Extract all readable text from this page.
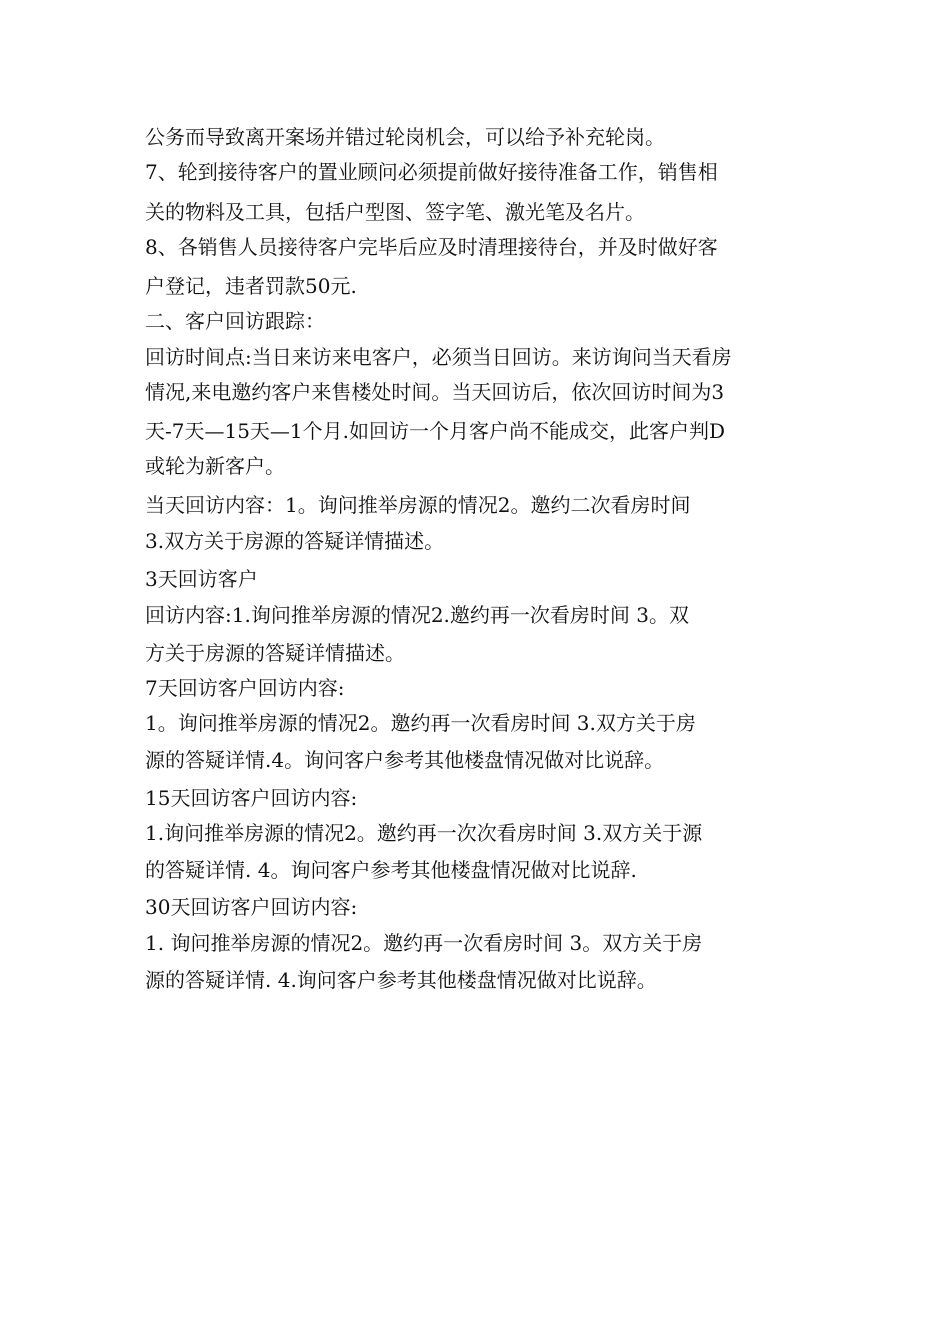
公务而导致离开案场并错过轮岗机会，可以给予补充轮岗。
7、轮到接待客户的置业顾问必须提前做好接待准备工作，销售相
关的物料及工具，包括户型图、签字笔、激光笔及名片。
8、各销售人员接待客户完毕后应及时清理接待台，并及时做好客
户登记，违者罚款50元.
二、客户回访跟踪：
回访时间点:当日来访来电客户，必须当日回访。来访询问当天看房
情况,来电邀约客户来售楼处时间。当天回访后，依次回访时间为3
天-7天—15天—1个月.如回访一个月客户尚不能成交，此客户判D
或轮为新客户。
当天回访内容：1。询问推举房源的情况2。邀约二次看房时间
3.双方关于房源的答疑详情描述。
3天回访客户
回访内容:1.询问推举房源的情况2.邀约再一次看房时间 3。双
方关于房源的答疑详情描述。
7天回访客户回访内容:
1。询问推举房源的情况2。邀约再一次看房时间 3.双方关于房
源的答疑详情.4。询问客户参考其他楼盘情况做对比说辞。
15天回访客户回访内容:
1.询问推举房源的情况2。邀约再一次次看房时间 3.双方关于源
的答疑详情. 4。询问客户参考其他楼盘情况做对比说辞.
30天回访客户回访内容:
1. 询问推举房源的情况2。邀约再一次看房时间 3。双方关于房
源的答疑详情. 4.询问客户参考其他楼盘情况做对比说辞。
